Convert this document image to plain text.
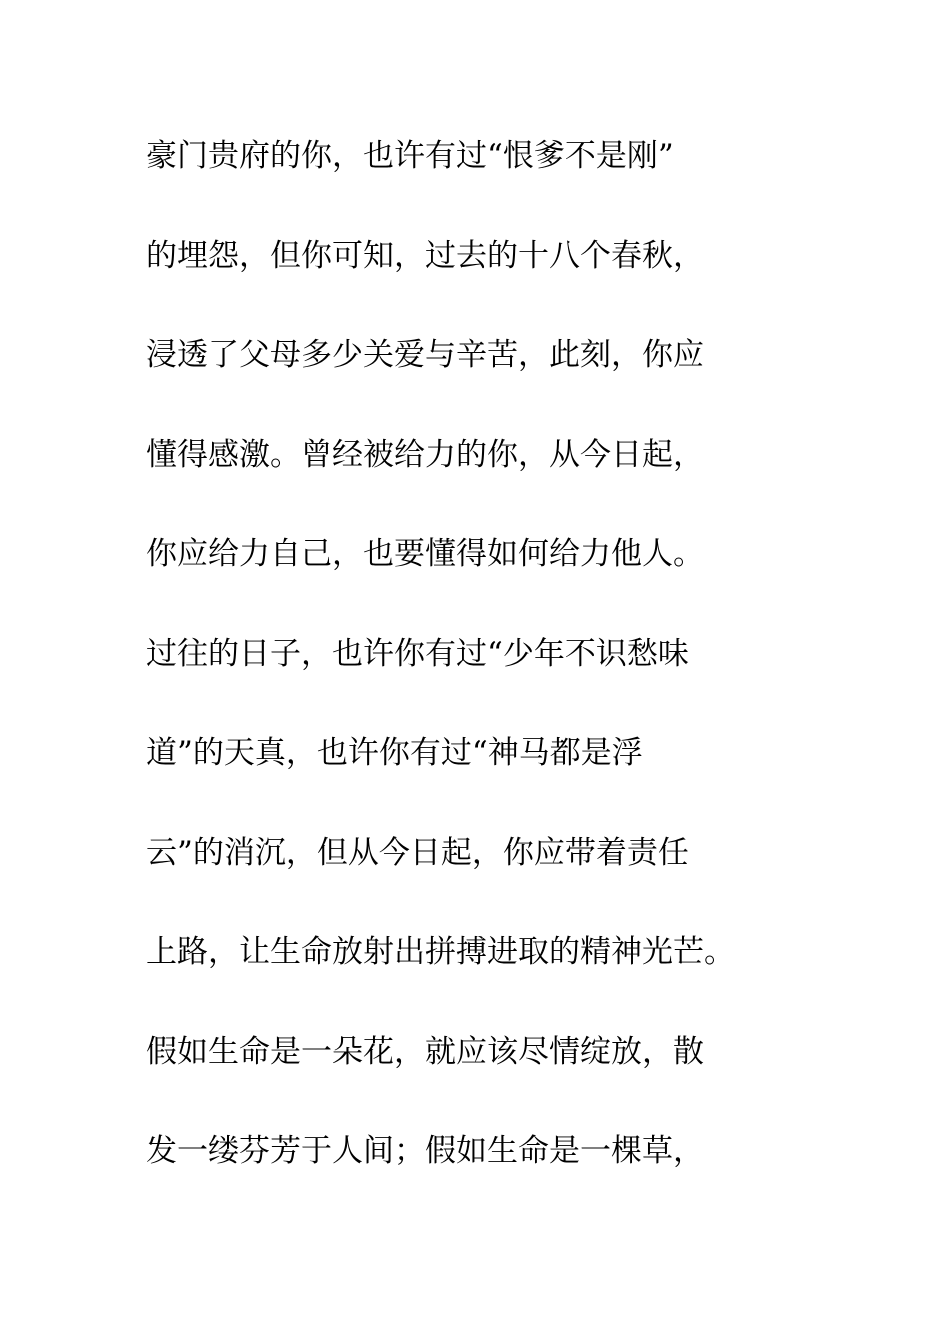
豪门贵府的你，也许有过“恨爹不是刚”
的埋怨，但你可知，过去的十八个春秋，
浸透了父母多少关爱与辛苦，此刻，你应
懂得感激。曾经被给力的你，从今日起，
你应给力自己，也要懂得如何给力他人。
过往的日子，也许你有过“少年不识愁味
道”的天真，也许你有过“神马都是浮
云”的消沉，但从今日起，你应带着责任
上路，让生命放射出拼搏进取的精神光芒。
假如生命是一朵花，就应该尽情绽放，散
发一缕芬芳于人间；假如生命是一棵草，
